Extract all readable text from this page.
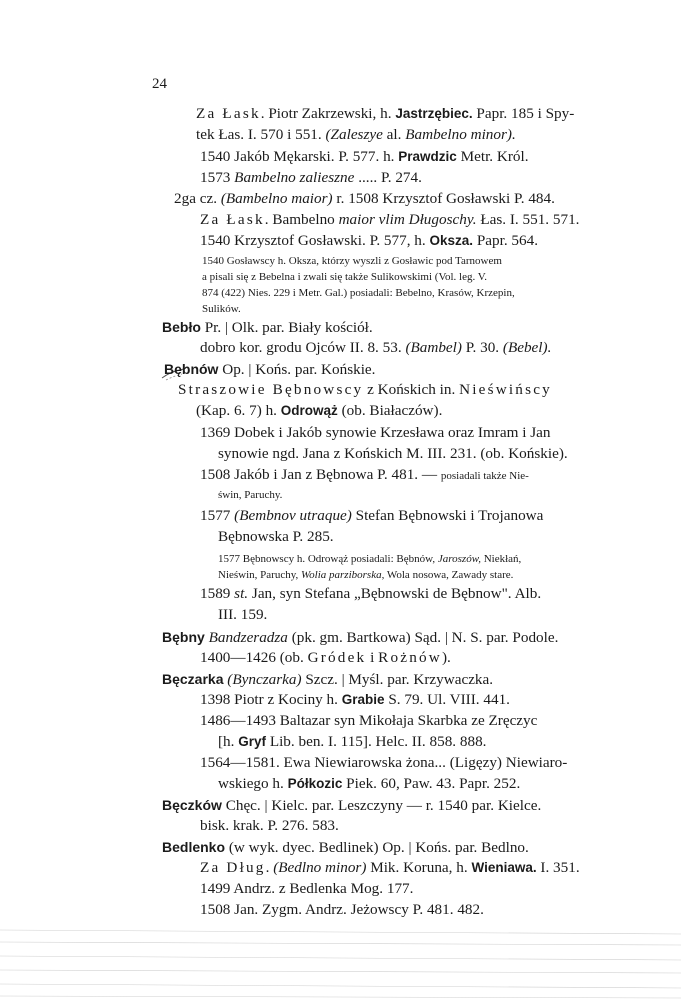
24
Za Łask. Piotr Zakrzewski, h. Jastrzębiec. Papr. 185 i Spy-
tek Łas. I. 570 i 551. (Zaleszye al. Bambelno minor).
1540 Jakób Mękarski. P. 577. h. Prawdzic Metr. Król.
1573 Bambelno zalieszne ..... P. 274.
2ga cz. (Bambelno maior) r. 1508 Krzysztof Gosławski P. 484.
Za Łask. Bambelno maior vlim Długoschy. Łas. I. 551. 571.
1540 Krzysztof Gosławski. P. 577, h. Oksza. Papr. 564.
1540 Gosławscy h. Oksza, którzy wyszli z Gosławic pod Tarnowem
a pisali się z Bebelna i zwali się także Sulikowskimi (Vol. leg. V.
874 (422) Nies. 229 i Metr. Gal.) posiadali: Bebelno, Krasów, Krzepin,
Sulików.
Bebło Pr. | Olk. par. Biały kościół.
dobro kor. grodu Ojców II. 8. 53. (Bambel) P. 30. (Bebel).
Bębnów Op. | Końs. par. Końskie.
Straszowie Bębnowscy z Końskich in. Nieświńscy
(Kap. 6. 7) h. Odrowąż (ob. Białaczów).
1369 Dobek i Jakób synowie Krzesława oraz Imram i Jan
synowie ngd. Jana z Końskich M. III. 231. (ob. Końskie).
1508 Jakób i Jan z Bębnowa P. 481. — posiadali także Nie-
świn, Paruchy.
1577 (Bembnov utraque) Stefan Bębnowski i Trojanowa
Bębnowska P. 285.
1577 Bębnowscy h. Odrowąż posiadali: Bębnów, Jaroszów, Niekłań,
Nieświn, Paruchy, Wolia parziborska, Wola nosowa, Zawady stare.
1589 st. Jan, syn Stefana „Bębnowski de Bębnow". Alb.
III. 159.
Bębny Bandzeradza (pk. gm. Bartkowa) Sąd. | N. S. par. Podole.
1400—1426 (ob. Gródek i Rożnów).
Bęczarka (Bynczarka) Szcz. | Myśl. par. Krzywaczka.
1398 Piotr z Kociny h. Grabie S. 79. Ul. VIII. 441.
1486—1493 Baltazar syn Mikołaja Skarbka ze Zręczyc
[h. Gryf Lib. ben. I. 115]. Helc. II. 858. 888.
1564—1581. Ewa Niewiarowska żona... (Ligęzy) Niewiaro-
wskiego h. Półkozic Piek. 60, Paw. 43. Papr. 252.
Bęczków Chęc. | Kielc. par. Leszczyny — r. 1540 par. Kielce.
bisk. krak. P. 276. 583.
Bedlenko (w wyk. dyec. Bedlinek) Op. | Końs. par. Bedlno.
Za Dług. (Bedlno minor) Mik. Koruna, h. Wieniawa. I. 351.
1499 Andrz. z Bedlenka Mog. 177.
1508 Jan. Zygm. Andrz. Jeżowscy P. 481. 482.
